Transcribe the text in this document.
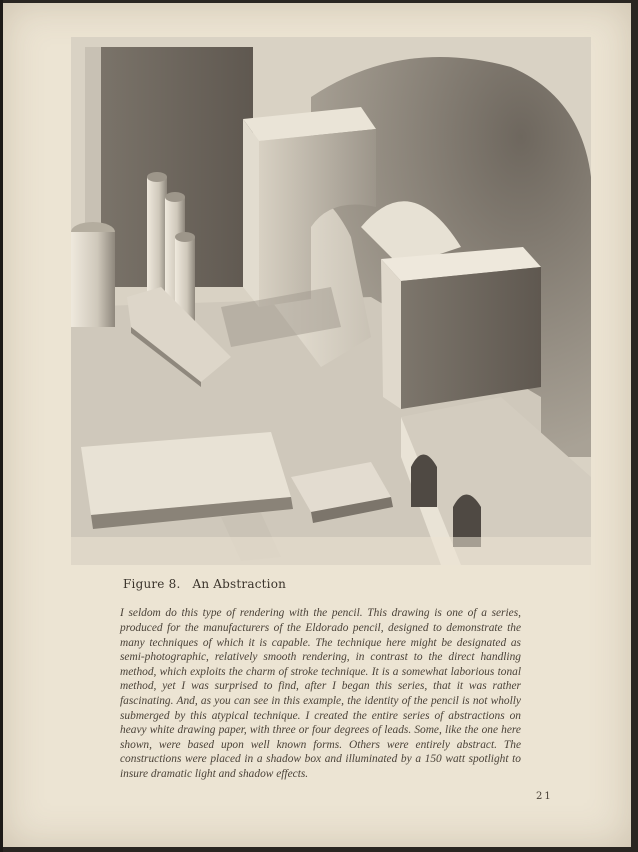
Figure 8. An Abstraction

I seldom do this type of rendering with the pencil. This drawing is one of a series, produced for the manufacturers of the Eldorado pencil, designed to demonstrate the many techniques of which it is capable. The technique here might be designated as semi-photographic, relatively smooth rendering, in contrast to the direct handling method, which exploits the charm of stroke technique. It is a somewhat laborious tonal method, yet I was surprised to find, after I began this series, that it was rather fascinating. And, as you can see in this example, the identity of the pencil is not wholly submerged by this atypical technique. I created the entire series of abstractions on heavy white drawing paper, with three or four degrees of leads. Some, like the one here shown, were based upon well known forms. Others were entirely abstract. The constructions were placed in a shadow box and illuminated by a 150 watt spotlight to insure dramatic light and shadow effects.

21
